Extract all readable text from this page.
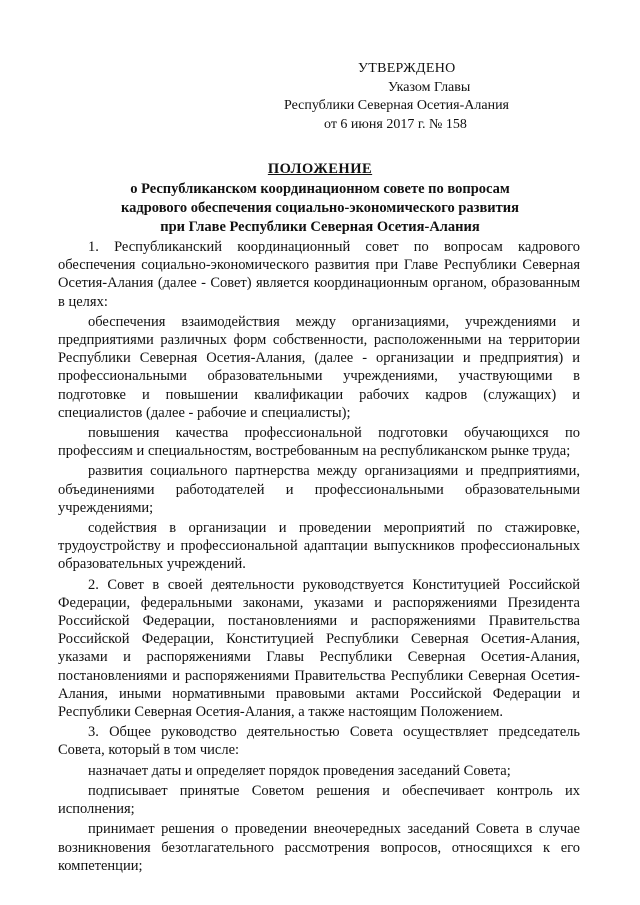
УТВЕРЖДЕНО
Указом Главы
Республики Северная Осетия-Алания
от 6 июня 2017 г. № 158
ПОЛОЖЕНИЕ
о Республиканском координационном совете по вопросам
кадрового обеспечения социально-экономического развития
при Главе Республики Северная Осетия-Алания

1. Республиканский координационный совет по вопросам кадрового обеспечения социально-экономического развития при Главе Республики Северная Осетия-Алания (далее - Совет) является координационным органом, образованным в целях:

обеспечения взаимодействия между организациями, учреждениями и предприятиями различных форм собственности, расположенными на территории Республики Северная Осетия-Алания, (далее - организации и предприятия) и профессиональными образовательными учреждениями, участвующими в подготовке и повышении квалификации рабочих кадров (служащих) и специалистов (далее - рабочие и специалисты);

повышения качества профессиональной подготовки обучающихся по профессиям и специальностям, востребованным на республиканском рынке труда;

развития социального партнерства между организациями и предприятиями, объединениями работодателей и профессиональными образовательными учреждениями;

содействия в организации и проведении мероприятий по стажировке, трудоустройству и профессиональной адаптации выпускников профессиональных образовательных учреждений.

2. Совет в своей деятельности руководствуется Конституцией Российской Федерации, федеральными законами, указами и распоряжениями Президента Российской Федерации, постановлениями и распоряжениями Правительства Российской Федерации, Конституцией Республики Северная Осетия-Алания, указами и распоряжениями Главы Республики Северная Осетия-Алания, постановлениями и распоряжениями Правительства Республики Северная Осетия-Алания, иными нормативными правовыми актами Российской Федерации и Республики Северная Осетия-Алания, а также настоящим Положением.

3. Общее руководство деятельностью Совета осуществляет председатель Совета, который в том числе:

назначает даты и определяет порядок проведения заседаний Совета;

подписывает принятые Советом решения и обеспечивает контроль их исполнения;

принимает решения о проведении внеочередных заседаний Совета в случае возникновения безотлагательного рассмотрения вопросов, относящихся к его компетенции;
